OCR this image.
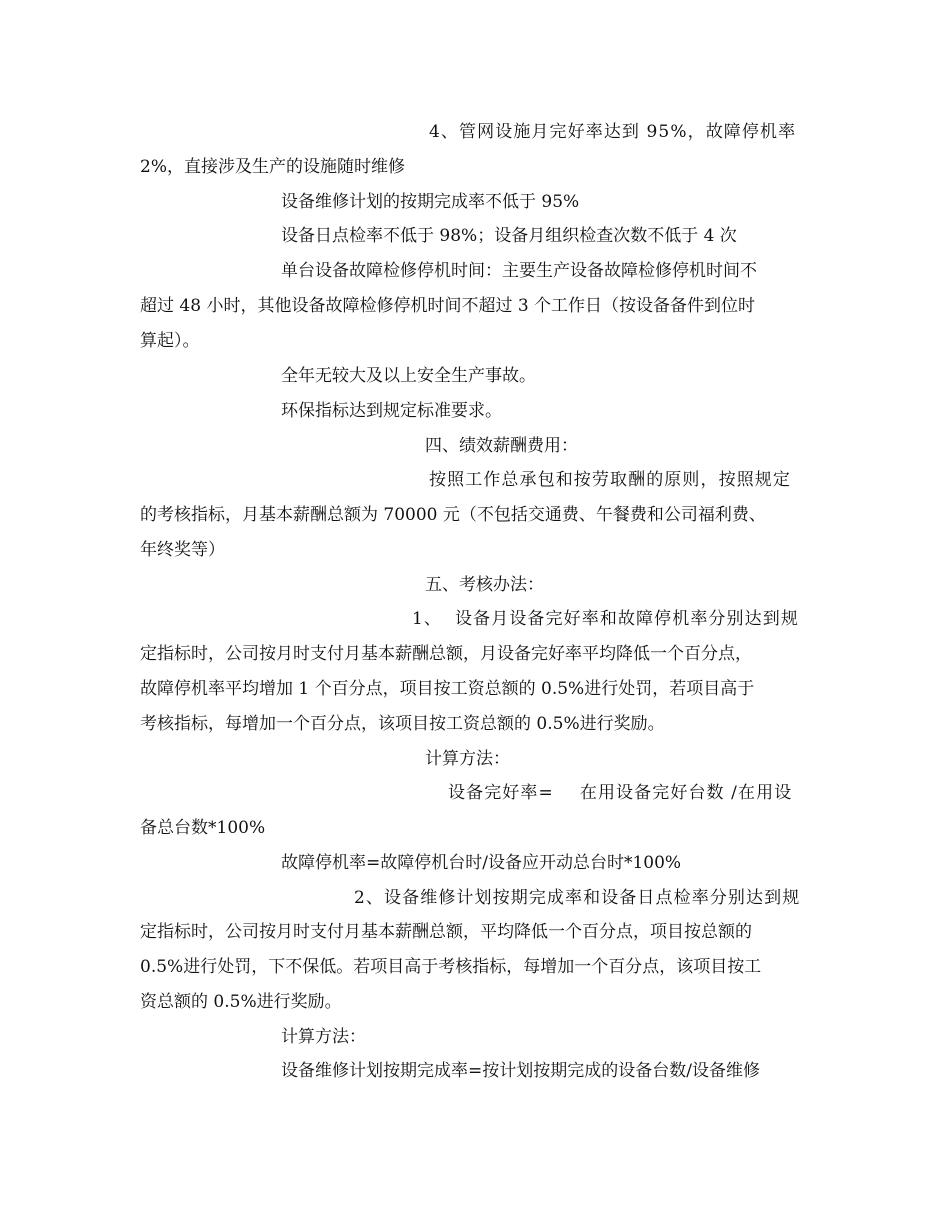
4、管网设施月完好率达到 95%，故障停机率
2%，直接涉及生产的设施随时维修
设备维修计划的按期完成率不低于 95%
设备日点检率不低于 98%；设备月组织检查次数不低于 4 次
单台设备故障检修停机时间：主要生产设备故障检修停机时间不
超过 48 小时，其他设备故障检修停机时间不超过 3 个工作日（按设备备件到位时
算起）。
全年无较大及以上安全生产事故。
环保指标达到规定标准要求。
四、绩效薪酬费用：
按照工作总承包和按劳取酬的原则，按照规定
的考核指标，月基本薪酬总额为 70000 元（不包括交通费、午餐费和公司福利费、
年终奖等）
五、考核办法：
1、  设备月设备完好率和故障停机率分别达到规
定指标时，公司按月时支付月基本薪酬总额，月设备完好率平均降低一个百分点，
故障停机率平均增加 1 个百分点，项目按工资总额的 0.5%进行处罚，若项目高于
考核指标，每增加一个百分点，该项目按工资总额的 0.5%进行奖励。
计算方法：
设备完好率=    在用设备完好台数 /在用设
备总台数*100%
故障停机率=故障停机台时/设备应开动总台时*100%
2、设备维修计划按期完成率和设备日点检率分别达到规
定指标时，公司按月时支付月基本薪酬总额，平均降低一个百分点，项目按总额的
0.5%进行处罚，下不保低。若项目高于考核指标，每增加一个百分点，该项目按工
资总额的 0.5%进行奖励。
计算方法：
设备维修计划按期完成率=按计划按期完成的设备台数/设备维修
